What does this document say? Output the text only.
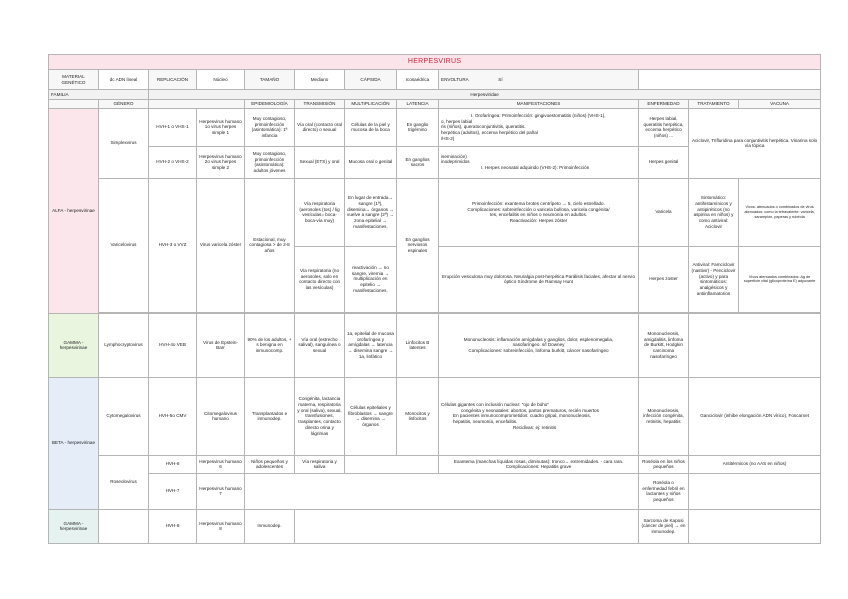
HERPESVIRUS											
MATERIAL GENÉTICO	dc ADN lineal	REPLICACIÓN	Núcleo	TAMAÑO	Mediano	CÁPSIDA	Icosaédrica	ENVOLTURA Sí			
FAMILIA		Herpesviridae									
	GÉNERO			EPIDEMIOLOGÍA	TRANSMISIÓN	MULTIPLICACIÓN	LATENCIA	MANIFESTACIONES	ENFERMEDAD	TRATAMIENTO	VACUNA
ALFA - herpesvirinae	Simplexvirus	HVH-1 o VHS-1	Herpesvirus humano 1o virus herpes simple 1	Muy contagioso, primoinfección (asintomática): 1ª infancia	Vía oral (contacto oral directo) o sexual	Células de la piel y mucosa de la boca	En ganglio trigémino	I. Orofaríngea: Primoinfección: gingivoestomatitis (niños) (VHS-1),
o, herpes labial
ris (niños), queratoconjuntivitis, queratitis.
herpética (adultos), eccema herpético del pañal
/HS-2)	Herpes labial, queratitis herpética, eccema herpético (niños) ...	Aciclovir, Trifluridina para conjuntivitis herpética. Vinarina solo vía tópica	
		HVH-2 o VHS-2	Herpesvirus humano 2o virus herpes simple 2	Muy contagioso, primoinfección (asintomática): adultos jóvenes	Sexual (ETS) y oral	Mucosa oral o genital	En ganglios sacros	iseminación)
inodeprimidos
I. Herpes neonatal adquirido (VHS-2): Primoinfección	Herpes genital		
	Varicelovirus	HVH-3 o VVZ	Virus varicela zóster	Estacional, muy contagiosa > de 2-8 años	Vía respiratoria (aerosoles (tos) / lig vesículas= boca-boca-vía muy)	En lugar de entrada→ sangre (1ª), disemina→ órganos → vuelve a sangre (2ª) → zona epitelial → manifestaciones.	En ganglios nerviosos espinales	Primoinfección: exantema brotes centrípeto → 5, cielo estrellado.
Complicaciones: sobreinfección o varicela bullosa, varicela congénita/
tes, encefalitis en niños o neumonía en adultos.
Reactivación: Herpes zóster	Varicela	Sintomático: antihistamínicos y antipiréticos (no aspirina en niños) y como antiviral: Aciclovir	Vivos. atenuados o combinados de virus atenuados: como la tetravalente: varicela, sarampión, paperas y rubéola
					Vía respiratoria (no aerosoles, solo en contacto directo con las vesículas)	reactivación → no sangre, viremia → multiplicación en epitelio → manifestaciones.		Erupción vesiculosa muy dolorosa. Neuralgia post-herpética Parálisis faciales, afectar al nervio óptico Síndrome de Ramsay Hunt	Herpes zoster	Antiviral: Famciclovir (nastivir) - Penciclovir (activo) y para sintomáticos: analgésicos y antiinflamatorios	Vivos atenuados combinados: Ag de superficie vital (glicoproteína E) adyuvante

GAMMA - herpesvirinae	Lymphocryptovirus	HVH-4o VEB	Virus de Epstein-Barr	90% de los adultos, + s benigna en inmunocomp.	Vía oral (estrecho salival), sanguínea o sexual	1a, epitelial de mucosa orofaríngea y amígdalas → latencia → disemina sangre → 1a, linfático	Linfocitos B latentes	Mononucleosis: inflamación amígdalas y ganglios, dolor, esplenomegalia,
nasofaríngeo. s/l Downey
Complicaciones: sobreinfección, linfoma burkitt, cáncer nasofaríngeo	Mononucleosis, amigdalitis, linfoma de Burkitt, Hodgkin carcinoma nasofaríngeo		
BETA - herpesvirinae	Cytomegalovirus	HVH-5o CMV	Citomegalovirus humano	Transplantados e inmunodep.	Congénita, lactancia materna, respiratoria y oral (saliva), sexual, transfusiones, trasplantes, contacto directo orina y lágrimas	Células epiteliales y fibroblastos → sangre → disemina → órganos	Monocitos y linfocitos	Células gigantes con inclusión nuclear: "ojo de búho"
congénita y neonatales: abortos, partos prematuros, recién muertos
En pacientes inmunocomprometidos: cuadro gripal, mononucleosis,
hepatitis, neumonía, encefalitis.
Recidivas: ej: retinitis	Mononucleosis, infección congénita, retinitis, hepatitis	Ganciclovir (inhibe elongación ADN vírico), Foscarnet	
	Roseolovirus	HVH-6	Herpesvirus humano 6	Niños pequeños y adolescentes	Vía respiratoria y saliva			Exantema (manchas líquidas rosas, diminutas): tronco→ extremidades. - cara rara. Complicaciones: Hepatitis grave	Roséola en los niños pequeños	Antitérmicos (no AAS en niños)	
		HVH-7	Herpesvirus humano 7						Roséola o enfermedad febril en lactantes y niños pequeños		
GAMMA - herpesvirinae		HVH-8	Herpesvirus humano 8	Inmunodep.					Sarcoma de Kaposi (cáncer de piel) → en inmunodep.		
